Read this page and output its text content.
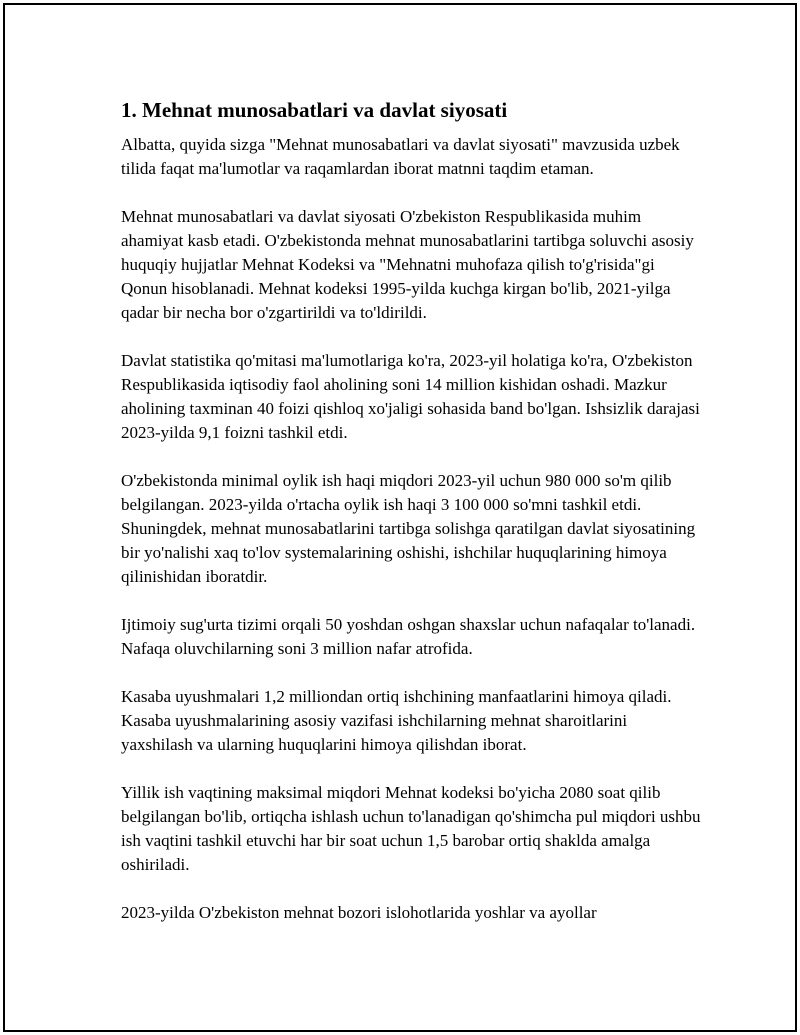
1. Mehnat munosabatlari va davlat siyosati

Albatta, quyida sizga "Mehnat munosabatlari va davlat siyosati" mavzusida uzbek tilida faqat ma'lumotlar va raqamlardan iborat matnni taqdim etaman.

Mehnat munosabatlari va davlat siyosati O'zbekiston Respublikasida muhim ahamiyat kasb etadi. O'zbekistonda mehnat munosabatlarini tartibga soluvchi asosiy huquqiy hujjatlar Mehnat Kodeksi va "Mehnatni muhofaza qilish to'g'risida"gi Qonun hisoblanadi. Mehnat kodeksi 1995-yilda kuchga kirgan bo'lib, 2021-yilga qadar bir necha bor o'zgartirildi va to'ldirildi.

Davlat statistika qo'mitasi ma'lumotlariga ko'ra, 2023-yil holatiga ko'ra, O'zbekiston Respublikasida iqtisodiy faol aholining soni 14 million kishidan oshadi. Mazkur aholining taxminan 40 foizi qishloq xo'jaligi sohasida band bo'lgan. Ishsizlik darajasi 2023-yilda 9,1 foizni tashkil etdi.

O'zbekistonda minimal oylik ish haqi miqdori 2023-yil uchun 980 000 so'm qilib belgilangan. 2023-yilda o'rtacha oylik ish haqi 3 100 000 so'mni tashkil etdi. Shuningdek, mehnat munosabatlarini tartibga solishga qaratilgan davlat siyosatining bir yo'nalishi xaq to'lov systemalarining oshishi, ishchilar huquqlarining himoya qilinishidan iboratdir.

Ijtimoiy sug'urta tizimi orqali 50 yoshdan oshgan shaxslar uchun nafaqalar to'lanadi. Nafaqa oluvchilarning soni 3 million nafar atrofida.

Kasaba uyushmalari 1,2 milliondan ortiq ishchining manfaatlarini himoya qiladi. Kasaba uyushmalarining asosiy vazifasi ishchilarning mehnat sharoitlarini yaxshilash va ularning huquqlarini himoya qilishdan iborat.

Yillik ish vaqtining maksimal miqdori Mehnat kodeksi bo'yicha 2080 soat qilib belgilangan bo'lib, ortiqcha ishlash uchun to'lanadigan qo'shimcha pul miqdori ushbu ish vaqtini tashkil etuvchi har bir soat uchun 1,5 barobar ortiq shaklda amalga oshiriladi.

2023-yilda O'zbekiston mehnat bozori islohotlarida yoshlar va ayollar
